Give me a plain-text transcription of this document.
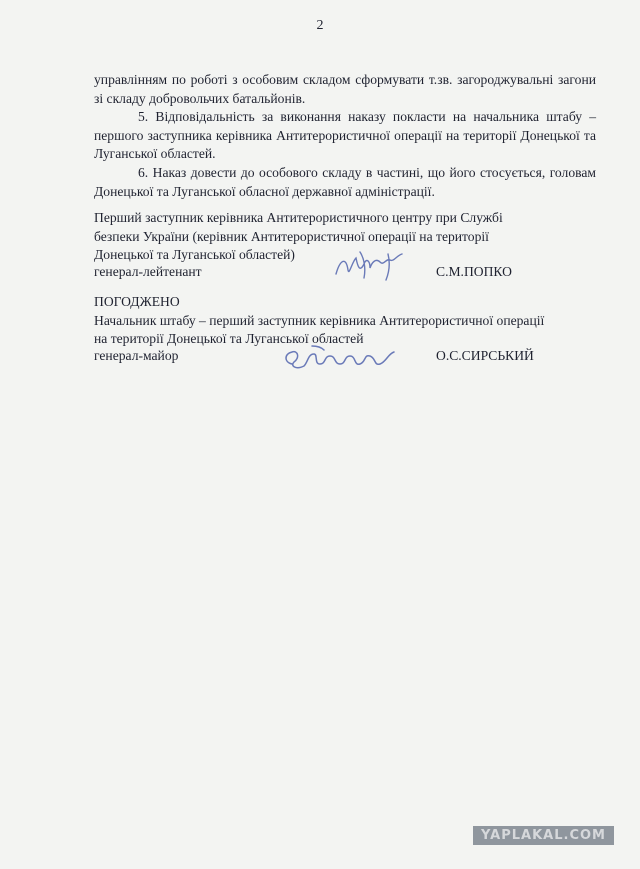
2

управлінням по роботі з особовим складом сформувати т.зв. загороджувальні загони зі складу добровольчих батальйонів.

5. Відповідальність за виконання наказу покласти на начальника штабу – першого заступника керівника Антитерористичної операції на території Донецької та Луганської областей.

6. Наказ довести до особового складу в частині, що його стосується, головам Донецької та Луганської обласної державної адміністрації.

Перший заступник керівника Антитерористичного центру при Службі
безпеки України (керівник Антитерористичної операції на території
Донецької та Луганської областей)
генерал-лейтенант	С.М.ПОПКО
ПОГОДЖЕНО
Начальник штабу – перший заступник керівника Антитерористичної операції
на території Донецької та Луганської областей
генерал-майор	О.С.СИРСЬКИЙ
YAPLAKAL.COM
